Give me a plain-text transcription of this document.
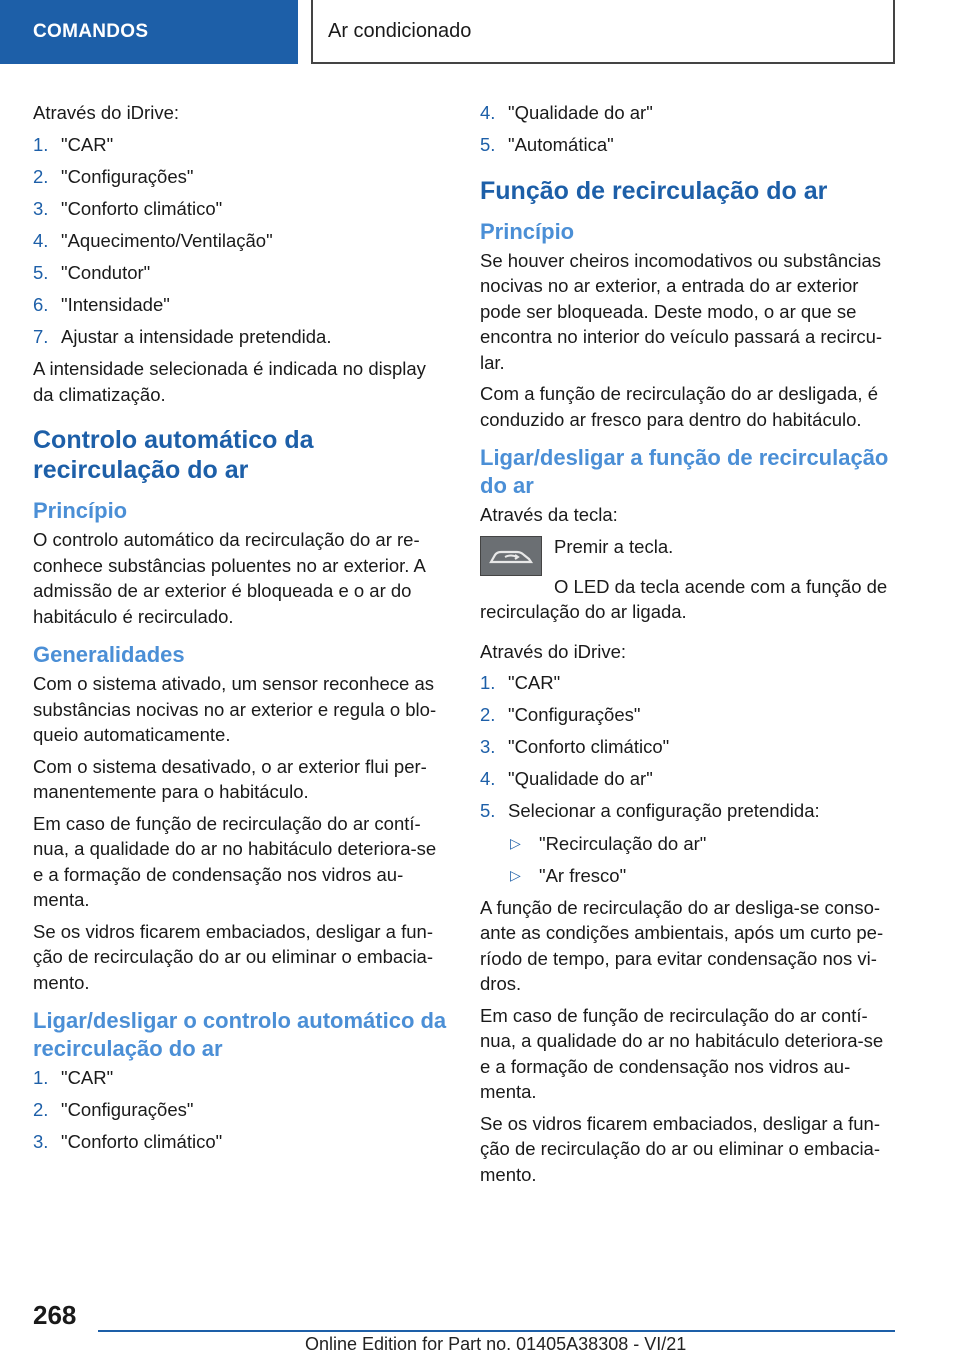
COMANDOS	Ar condicionado

Através do iDrive:

1. "CAR"
2. "Configurações"
3. "Conforto climático"
4. "Aquecimento/Ventilação"
5. "Condutor"
6. "Intensidade"
7. Ajustar a intensidade pretendida.

A intensidade selecionada é indicada no display da climatização.

Controlo automático da recirculação do ar
Princípio

O controlo automático da recirculação do ar re-conhece substâncias poluentes no ar exterior. A admissão de ar exterior é bloqueada e o ar do habitáculo é recirculado.

Generalidades

Com o sistema ativado, um sensor reconhece as substâncias nocivas no ar exterior e regula o blo-queio automaticamente.

Com o sistema desativado, o ar exterior flui per-manentemente para o habitáculo.

Em caso de função de recirculação do ar contí-nua, a qualidade do ar no habitáculo deteriora-se e a formação de condensação nos vidros au-menta.

Se os vidros ficarem embaciados, desligar a fun-ção de recirculação do ar ou eliminar o embacia-mento.

Ligar/desligar o controlo automático da recirculação do ar
1. "CAR"
2. "Configurações"
3. "Conforto climático"
4. "Qualidade do ar"
5. "Automática"
Função de recirculação do ar
Princípio

Se houver cheiros incomodativos ou substâncias nocivas no ar exterior, a entrada do ar exterior pode ser bloqueada. Deste modo, o ar que se encontra no interior do veículo passará a recircu-lar.

Com a função de recirculação do ar desligada, é conduzido ar fresco para dentro do habitáculo.

Ligar/desligar a função de recirculação do ar

Através da tecla:

Premir a tecla.

O LED da tecla acende com a função de recirculação do ar ligada.

Através do iDrive:

1. "CAR"
2. "Configurações"
3. "Conforto climático"
4. "Qualidade do ar"
5. Selecionar a configuração pretendida:
▷ "Recirculação do ar"
▷ "Ar fresco"

A função de recirculação do ar desliga-se conso-ante as condições ambientais, após um curto pe-ríodo de tempo, para evitar condensação nos vi-dros.

Em caso de função de recirculação do ar contí-nua, a qualidade do ar no habitáculo deteriora-se e a formação de condensação nos vidros au-menta.

Se os vidros ficarem embaciados, desligar a fun-ção de recirculação do ar ou eliminar o embacia-mento.

268
Online Edition for Part no. 01405A38308 - VI/21
